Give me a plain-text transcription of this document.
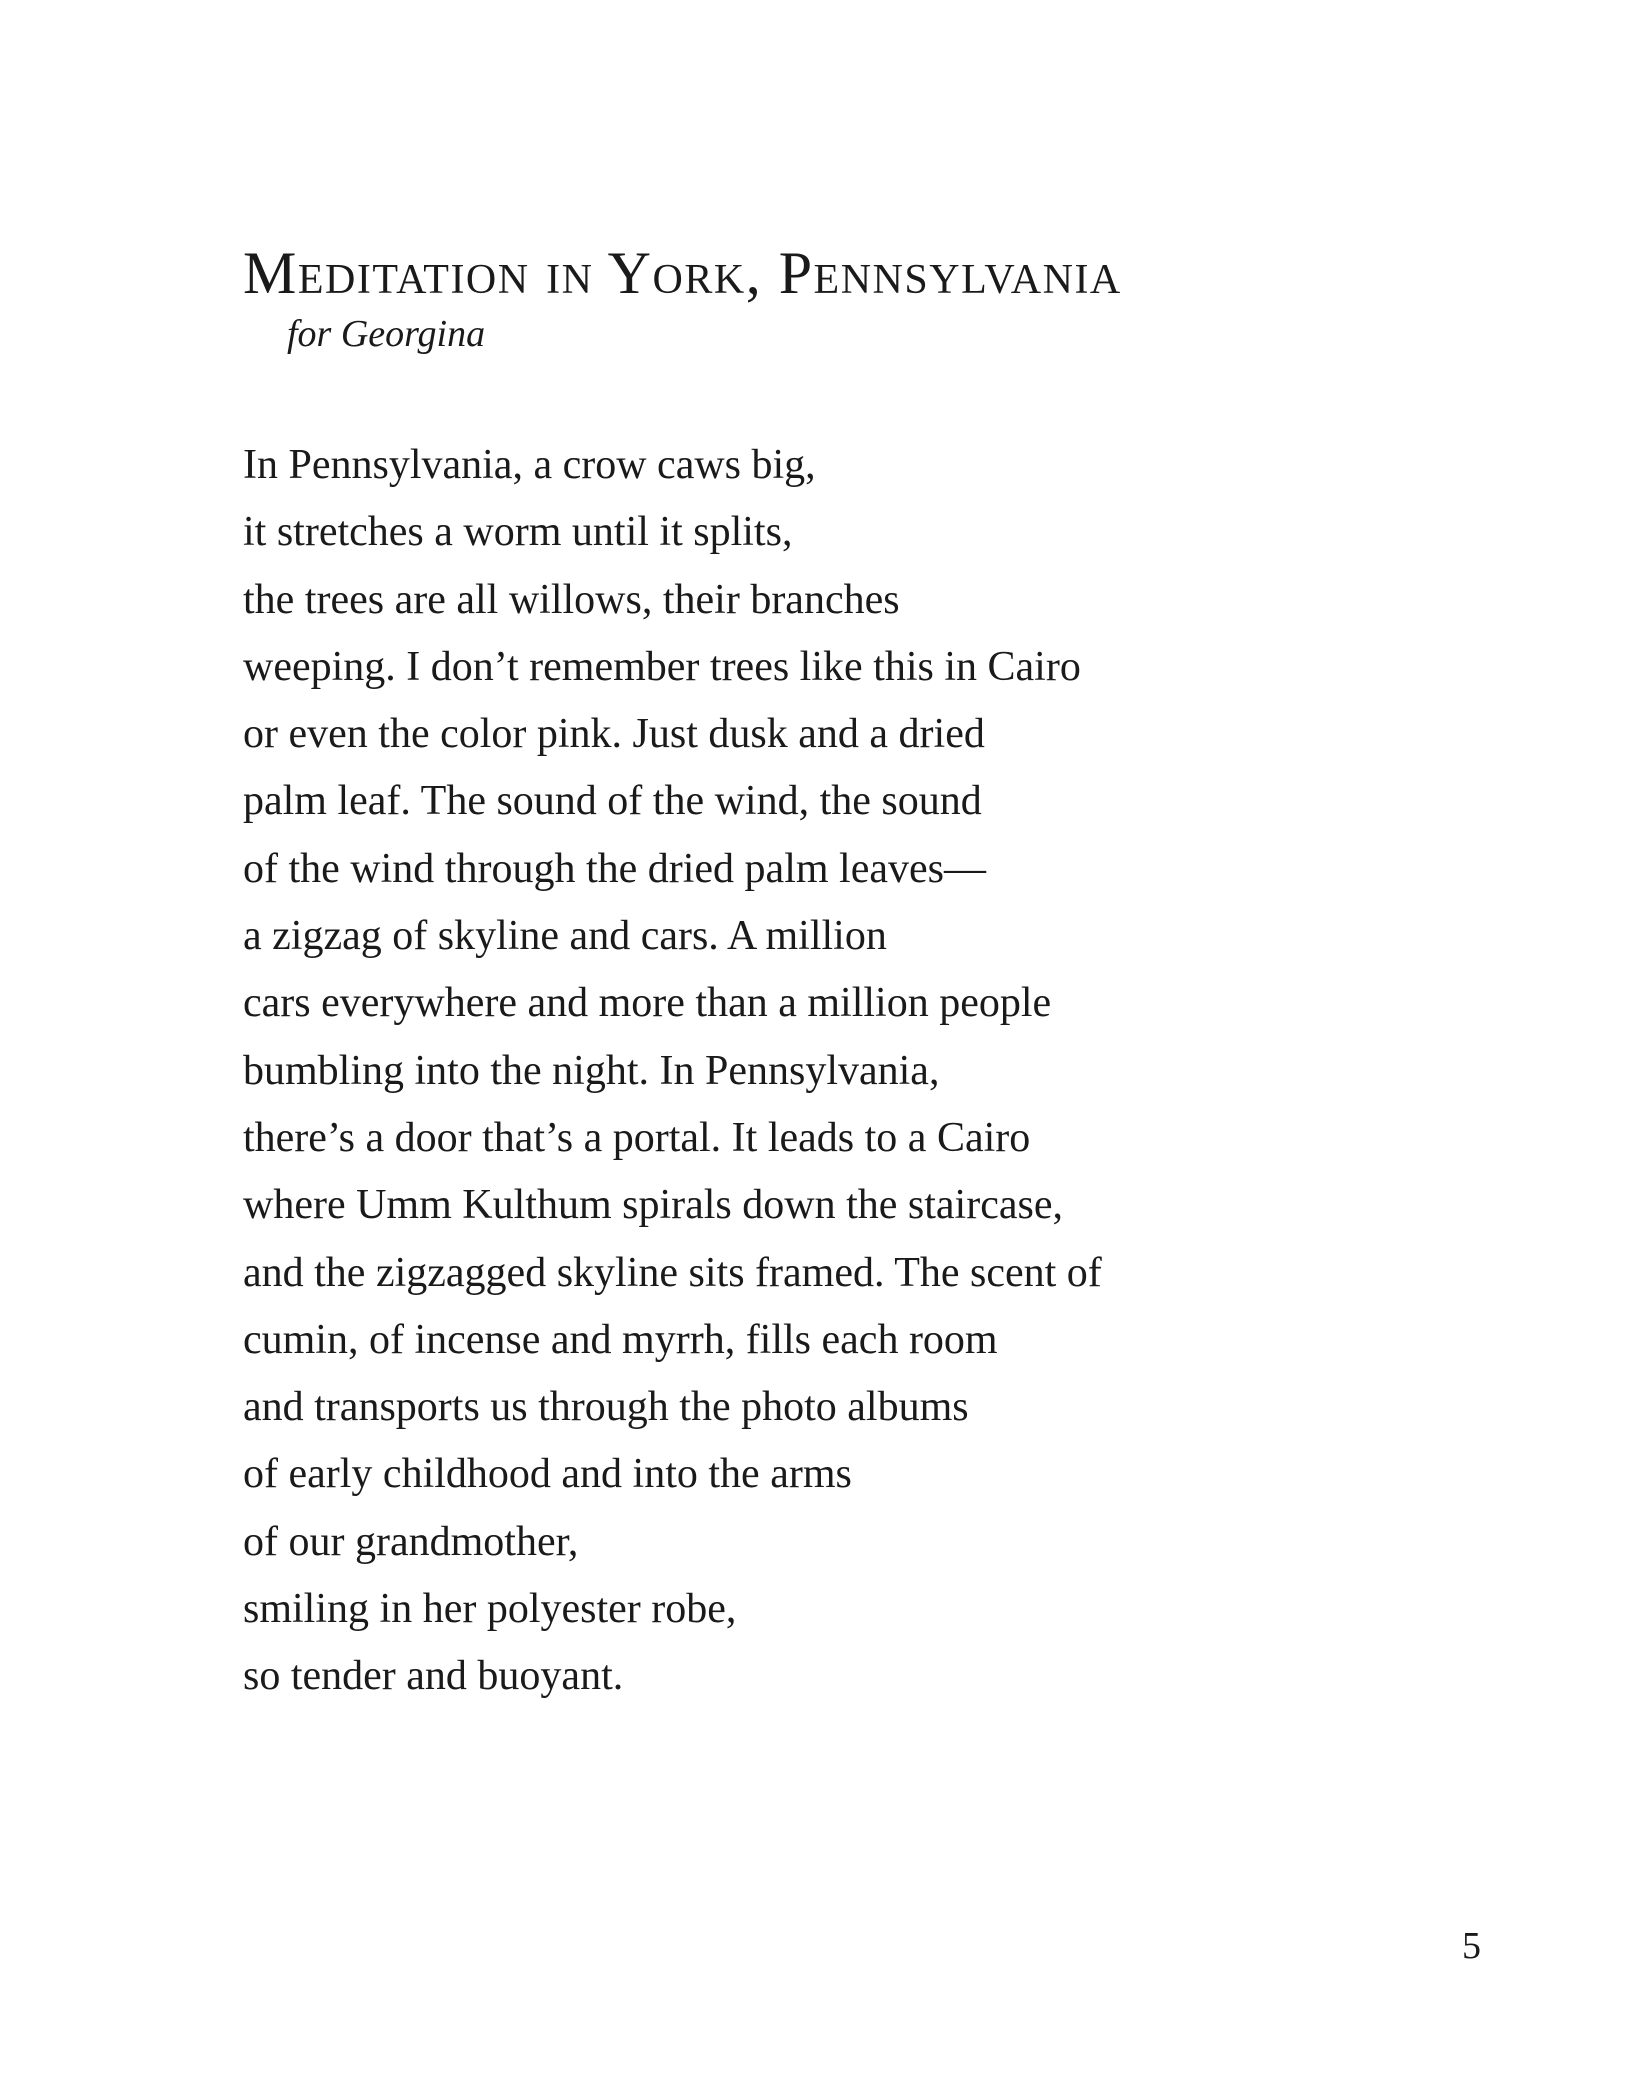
Meditation in York, Pennsylvania

for Georgina

In Pennsylvania, a crow caws big,
it stretches a worm until it splits,
the trees are all willows, their branches
weeping. I don’t remember trees like this in Cairo
or even the color pink. Just dusk and a dried
palm leaf. The sound of the wind, the sound
of the wind through the dried palm leaves—
a zigzag of skyline and cars. A million
cars everywhere and more than a million people
bumbling into the night. In Pennsylvania,
there’s a door that’s a portal. It leads to a Cairo
where Umm Kulthum spirals down the staircase,
and the zigzagged skyline sits framed. The scent of
cumin, of incense and myrrh, fills each room
and transports us through the photo albums
of early childhood and into the arms
of our grandmother,
smiling in her polyester robe,
so tender and buoyant.
5
